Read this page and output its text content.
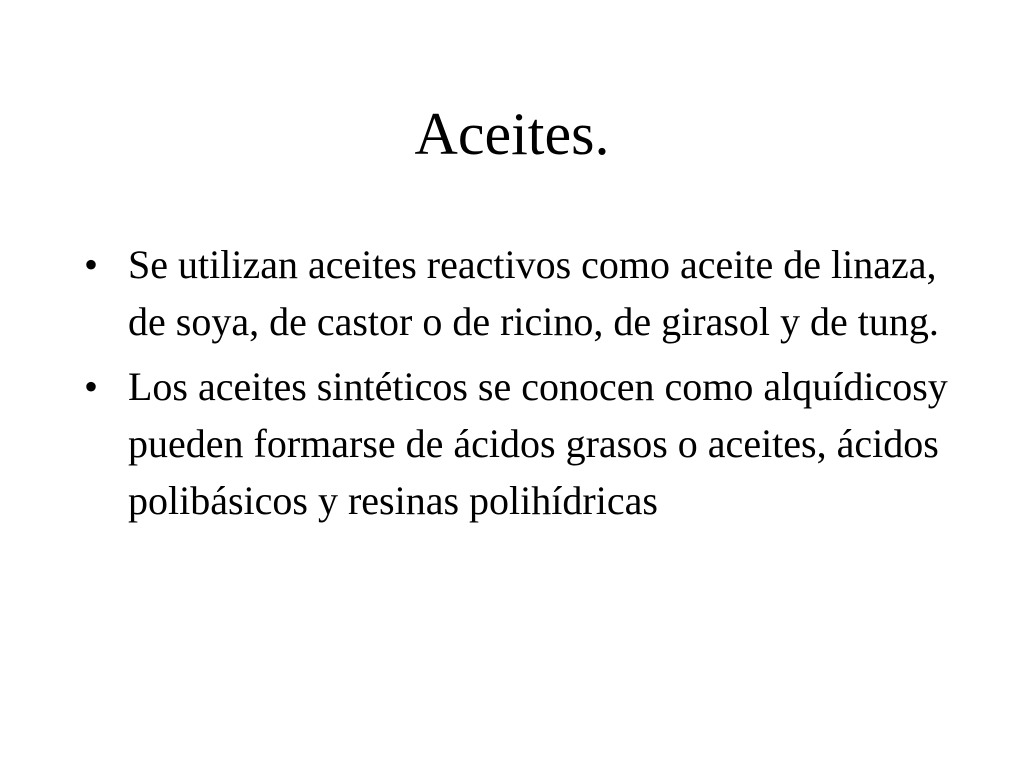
Aceites.
• Se utilizan aceites reactivos como aceite de linaza, de soya, de castor o de ricino, de girasol y de tung.
• Los aceites sintéticos se conocen como alquídicosy pueden formarse de ácidos grasos o aceites, ácidos polibásicos y resinas polihídricas
